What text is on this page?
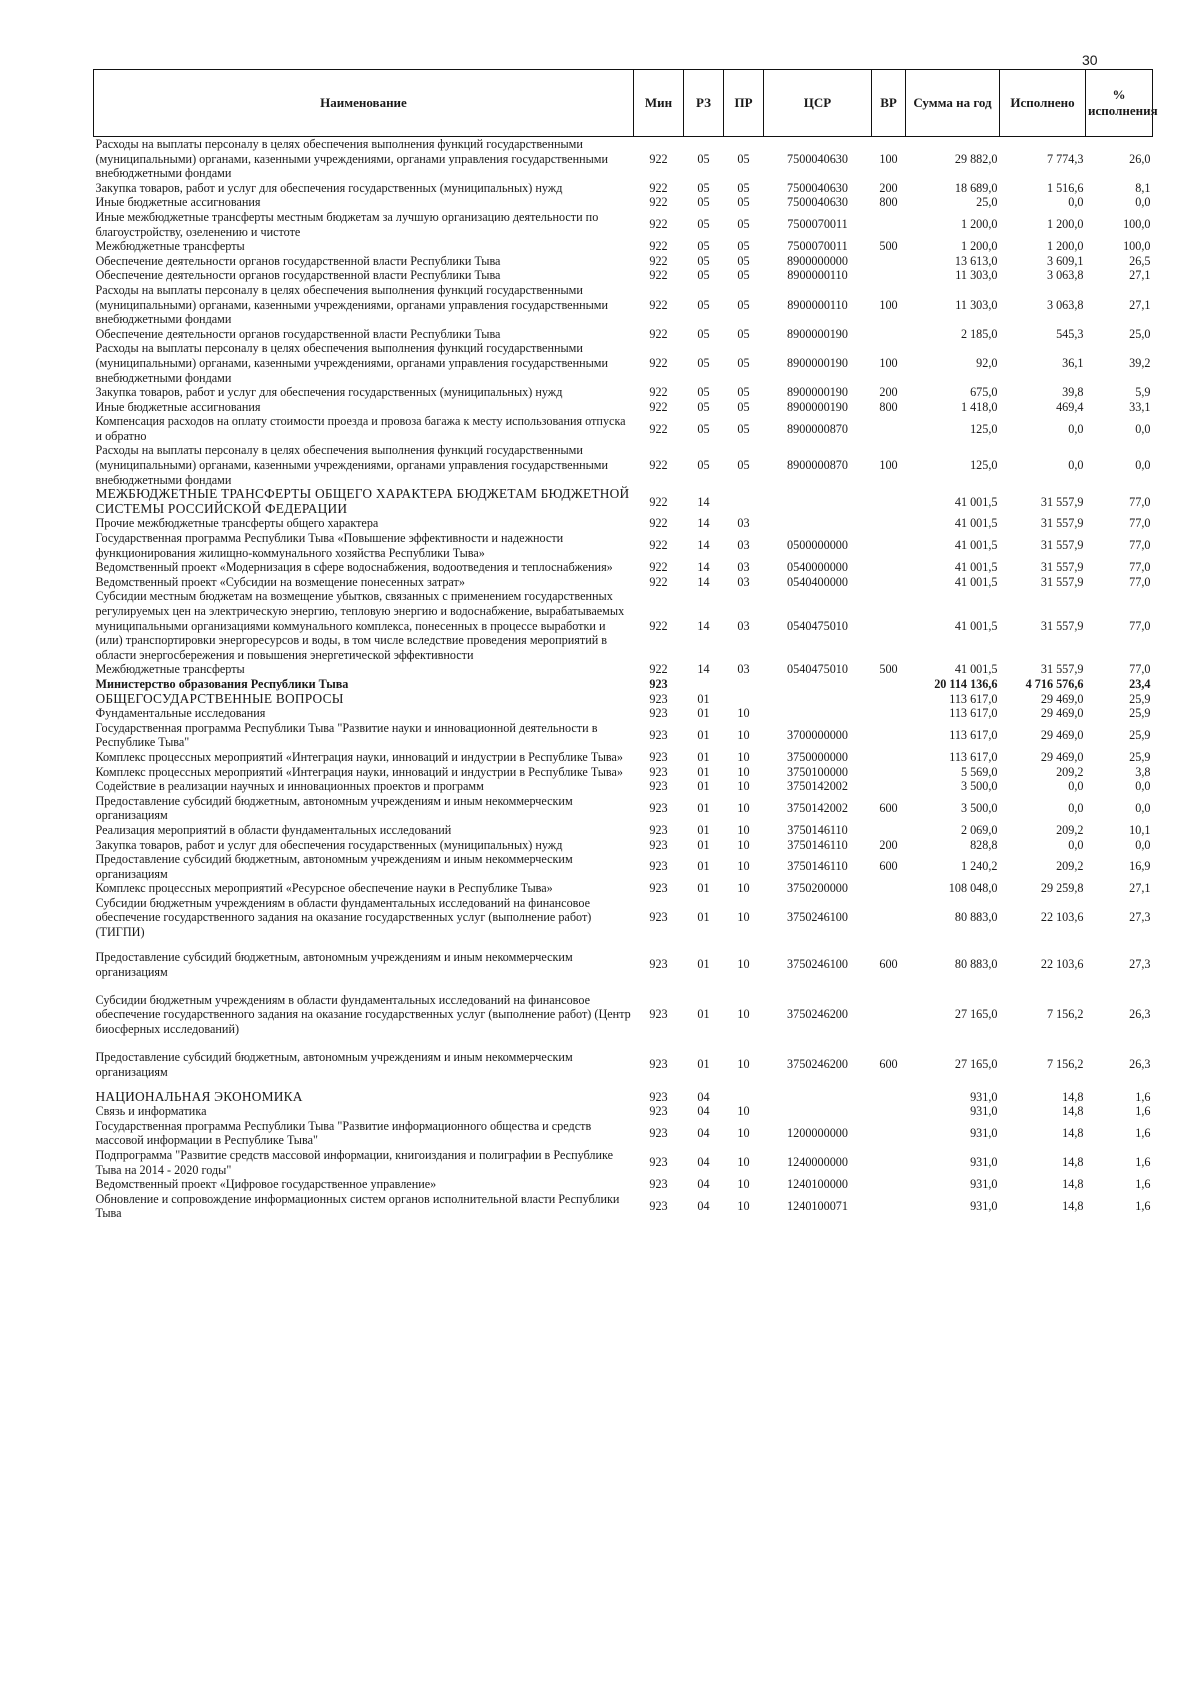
30
Наименование	Мин	РЗ	ПР	ЦСР	ВР	Сумма на год	Исполнено	% исполнения
Расходы на выплаты персоналу в целях обеспечения выполнения функций государственными (муниципальными) органами, казенными учреждениями, органами управления государственными внебюджетными фондами	922	05	05	7500040630	100	29 882,0	7 774,3	26,0
Закупка товаров, работ и услуг для обеспечения государственных (муниципальных) нужд	922	05	05	7500040630	200	18 689,0	1 516,6	8,1
Иные бюджетные ассигнования	922	05	05	7500040630	800	25,0	0,0	0,0
Иные межбюджетные трансферты местным бюджетам за лучшую организацию деятельности по благоустройству, озеленению и чистоте	922	05	05	7500070011		1 200,0	1 200,0	100,0
Межбюджетные трансферты	922	05	05	7500070011	500	1 200,0	1 200,0	100,0
Обеспечение деятельности органов государственной власти Республики Тыва	922	05	05	8900000000		13 613,0	3 609,1	26,5
Обеспечение деятельности органов государственной власти Республики Тыва	922	05	05	8900000110		11 303,0	3 063,8	27,1
Расходы на выплаты персоналу в целях обеспечения выполнения функций государственными (муниципальными) органами, казенными учреждениями, органами управления государственными внебюджетными фондами	922	05	05	8900000110	100	11 303,0	3 063,8	27,1
Обеспечение деятельности органов государственной власти Республики Тыва	922	05	05	8900000190		2 185,0	545,3	25,0
Расходы на выплаты персоналу в целях обеспечения выполнения функций государственными (муниципальными) органами, казенными учреждениями, органами управления государственными внебюджетными фондами	922	05	05	8900000190	100	92,0	36,1	39,2
Закупка товаров, работ и услуг для обеспечения государственных (муниципальных) нужд	922	05	05	8900000190	200	675,0	39,8	5,9
Иные бюджетные ассигнования	922	05	05	8900000190	800	1 418,0	469,4	33,1
Компенсация расходов на оплату стоимости проезда и провоза багажа к месту использования отпуска и обратно	922	05	05	8900000870		125,0	0,0	0,0
Расходы на выплаты персоналу в целях обеспечения выполнения функций государственными (муниципальными) органами, казенными учреждениями, органами управления государственными внебюджетными фондами	922	05	05	8900000870	100	125,0	0,0	0,0
МЕЖБЮДЖЕТНЫЕ ТРАНСФЕРТЫ ОБЩЕГО ХАРАКТЕРА БЮДЖЕТАМ БЮДЖЕТНОЙ СИСТЕМЫ РОССИЙСКОЙ ФЕДЕРАЦИИ	922	14				41 001,5	31 557,9	77,0
Прочие межбюджетные трансферты общего характера	922	14	03			41 001,5	31 557,9	77,0
Государственная программа Республики Тыва «Повышение эффективности и надежности функционирования жилищно-коммунального хозяйства Республики Тыва»	922	14	03	0500000000		41 001,5	31 557,9	77,0
Ведомственный проект «Модернизация в сфере водоснабжения, водоотведения и теплоснабжения»	922	14	03	0540000000		41 001,5	31 557,9	77,0
Ведомственный проект «Субсидии на возмещение понесенных затрат»	922	14	03	0540400000		41 001,5	31 557,9	77,0
Субсидии местным бюджетам на возмещение убытков, связанных с применением государственных регулируемых цен на электрическую энергию, тепловую энергию и водоснабжение, вырабатываемых муниципальными организациями коммунального комплекса, понесенных в процессе выработки и (или) транспортировки энергоресурсов и воды, в том числе вследствие проведения мероприятий в области энергосбережения и повышения энергетической эффективности	922	14	03	0540475010		41 001,5	31 557,9	77,0
Межбюджетные трансферты	922	14	03	0540475010	500	41 001,5	31 557,9	77,0
Министерство образования Республики Тыва	923					20 114 136,6	4 716 576,6	23,4
ОБЩЕГОСУДАРСТВЕННЫЕ ВОПРОСЫ	923	01				113 617,0	29 469,0	25,9
Фундаментальные исследования	923	01	10			113 617,0	29 469,0	25,9
Государственная программа Республики Тыва "Развитие науки и инновационной деятельности в Республике Тыва"	923	01	10	3700000000		113 617,0	29 469,0	25,9
Комплекс процессных мероприятий «Интеграция науки, инноваций и индустрии в Республике Тыва»	923	01	10	3750000000		113 617,0	29 469,0	25,9
Комплекс процессных мероприятий «Интеграция науки, инноваций и индустрии в Республике Тыва»	923	01	10	3750100000		5 569,0	209,2	3,8
Содействие в реализации научных и инновационных проектов и программ	923	01	10	3750142002		3 500,0	0,0	0,0
Предоставление субсидий бюджетным, автономным учреждениям и иным некоммерческим организациям	923	01	10	3750142002	600	3 500,0	0,0	0,0
Реализация мероприятий в области фундаментальных исследований	923	01	10	3750146110		2 069,0	209,2	10,1
Закупка товаров, работ и услуг для обеспечения государственных (муниципальных) нужд	923	01	10	3750146110	200	828,8	0,0	0,0
Предоставление субсидий бюджетным, автономным учреждениям и иным некоммерческим организациям	923	01	10	3750146110	600	1 240,2	209,2	16,9
Комплекс процессных мероприятий «Ресурсное обеспечение науки в Республике Тыва»	923	01	10	3750200000		108 048,0	29 259,8	27,1
Субсидии бюджетным учреждениям в области фундаментальных исследований на финансовое обеспечение государственного задания на оказание государственных услуг (выполнение работ) (ТИГПИ)	923	01	10	3750246100		80 883,0	22 103,6	27,3
Предоставление субсидий бюджетным, автономным учреждениям и иным некоммерческим организациям	923	01	10	3750246100	600	80 883,0	22 103,6	27,3
Субсидии бюджетным учреждениям в области фундаментальных исследований на финансовое обеспечение государственного задания на оказание государственных услуг (выполнение работ) (Центр биосферных исследований)	923	01	10	3750246200		27 165,0	7 156,2	26,3
Предоставление субсидий бюджетным, автономным учреждениям и иным некоммерческим организациям	923	01	10	3750246200	600	27 165,0	7 156,2	26,3
НАЦИОНАЛЬНАЯ ЭКОНОМИКА	923	04				931,0	14,8	1,6
Связь и информатика	923	04	10			931,0	14,8	1,6
Государственная программа Республики Тыва "Развитие информационного общества и средств массовой информации в Республике Тыва"	923	04	10	1200000000		931,0	14,8	1,6
Подпрограмма "Развитие средств массовой информации, книгоиздания и полиграфии в Республике Тыва на 2014 - 2020 годы"	923	04	10	1240000000		931,0	14,8	1,6
Ведомственный проект «Цифровое государственное управление»	923	04	10	1240100000		931,0	14,8	1,6
Обновление и сопровождение информационных систем органов исполнительной власти Республики Тыва	923	04	10	1240100071		931,0	14,8	1,6
